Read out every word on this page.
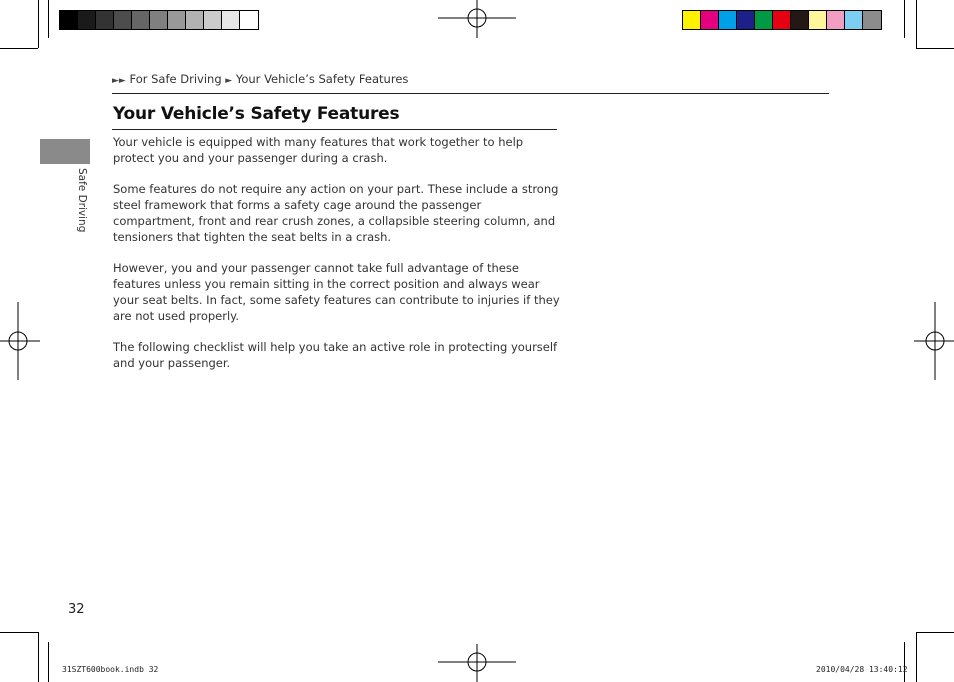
►► For Safe Driving ► Your Vehicle’s Safety Features
Your Vehicle’s Safety Features

Your vehicle is equipped with many features that work together to help protect you and your passenger during a crash.

Some features do not require any action on your part. These include a strong steel framework that forms a safety cage around the passenger compartment, front and rear crush zones, a collapsible steering column, and tensioners that tighten the seat belts in a crash.

However, you and your passenger cannot take full advantage of these features unless you remain sitting in the correct position and always wear your seat belts. In fact, some safety features can contribute to injuries if they are not used properly.

The following checklist will help you take an active role in protecting yourself and your passenger.

Safe Driving
32
31SZT600book.indb 32	2010/04/28 13:40:12
